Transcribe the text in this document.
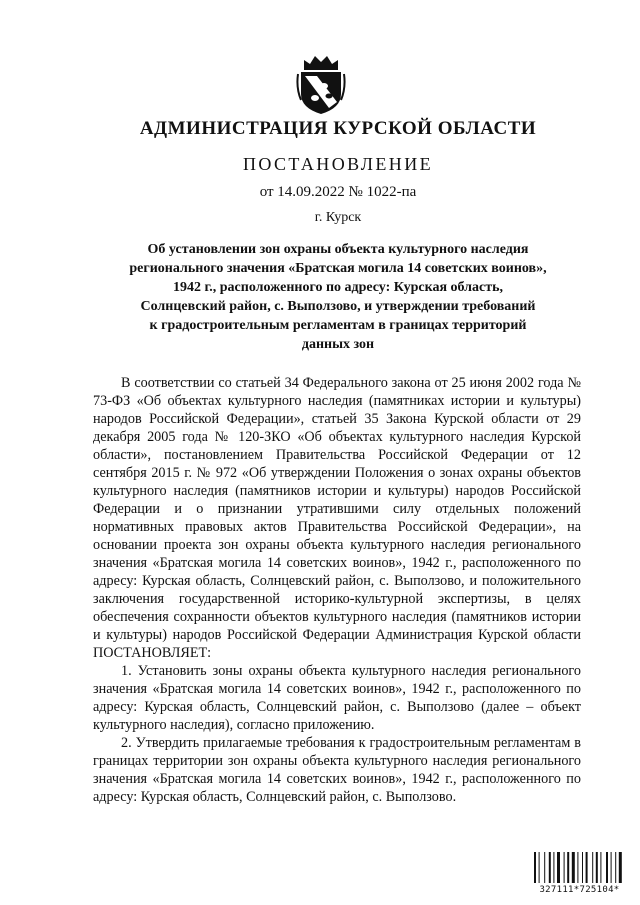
АДМИНИСТРАЦИЯ КУРСКОЙ ОБЛАСТИ
ПОСТАНОВЛЕНИЕ
от 14.09.2022 № 1022-па
г. Курск
Об установлении зон охраны объекта культурного наследия
регионального значения «Братская могила 14 советских воинов»,
1942 г., расположенного по адресу: Курская область,
Солнцевский район, с. Выползово, и утверждении требований
к градостроительным регламентам в границах территорий
данных зон

В соответствии со статьей 34 Федерального закона от 25 июня 2002 года № 73-ФЗ «Об объектах культурного наследия (памятниках истории и культуры) народов Российской Федерации», статьей 35 Закона Курской области от 29 декабря 2005 года № 120-ЗКО «Об объектах культурного наследия Курской области», постановлением Правительства Российской Федерации от 12 сентября 2015 г. № 972 «Об утверждении Положения о зонах охраны объектов культурного наследия (памятников истории и культуры) народов Российской Федерации и о признании утратившими силу отдельных положений нормативных правовых актов Правительства Российской Федерации», на основании проекта зон охраны объекта культурного наследия регионального значения «Братская могила 14 советских воинов», 1942 г., расположенного по адресу: Курская область, Солнцевский район, с. Выползово, и положительного заключения государственной историко-культурной экспертизы, в целях обеспечения сохранности объектов культурного наследия (памятников истории и культуры) народов Российской Федерации Администрация Курской области ПОСТАНОВЛЯЕТ:

1. Установить зоны охраны объекта культурного наследия регионального значения «Братская могила 14 советских воинов», 1942 г., расположенного по адресу: Курская область, Солнцевский район, с. Выползово (далее – объект культурного наследия), согласно приложению.

2. Утвердить прилагаемые требования к градостроительным регламентам в границах территории зон охраны объекта культурного наследия регионального значения «Братская могила 14 советских воинов», 1942 г., расположенного по адресу: Курская область, Солнцевский район, с. Выползово.

327111*725104*
